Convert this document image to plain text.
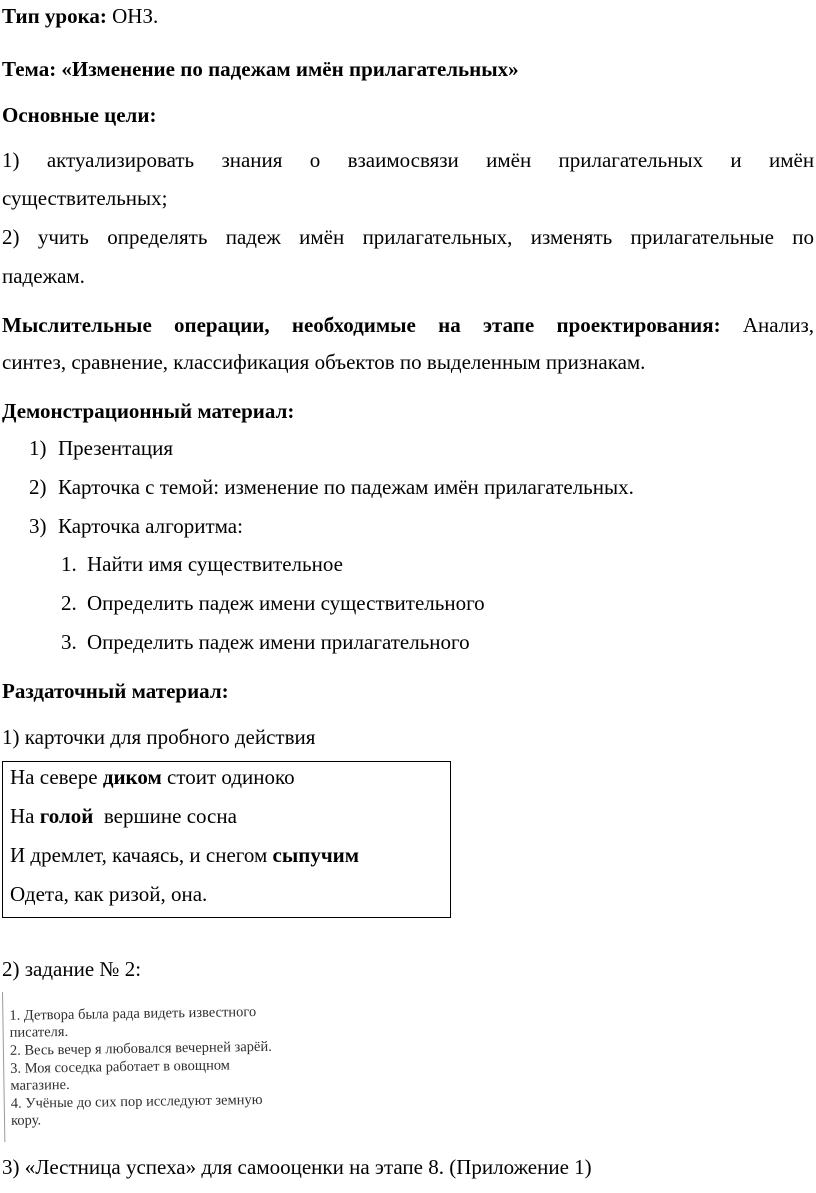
Тип урока: ОНЗ.
Тема: «Изменение по падежам имён прилагательных»
Основные цели:
1) актуализировать знания о взаимосвязи имён прилагательных и имён
существительных;
2) учить определять падеж имён прилагательных, изменять прилагательные по
падежам.
Мыслительные операции, необходимые на этапе проектирования: Анализ,
синтез, сравнение, классификация объектов по выделенным признакам.
Демонстрационный материал:
1) Презентация
2) Карточка с темой: изменение по падежам имён прилагательных.
3) Карточка алгоритма:
1. Найти имя существительное
2. Определить падеж имени существительного
3. Определить падеж имени прилагательного
Раздаточный материал:
1) карточки для пробного действия
На севере диком стоит одиноко
На голой  вершине сосна
И дремлет, качаясь, и снегом сыпучим
Одета, как ризой, она.
2) задание № 2:
1. Детвора была рада видеть известного
писателя.
2. Весь вечер я любовался вечерней зарёй.
3. Моя соседка работает в овощном
магазине.
4. Учёные до сих пор исследуют земную
кору.
3) «Лестница успеха» для самооценки на этапе 8. (Приложение 1)
